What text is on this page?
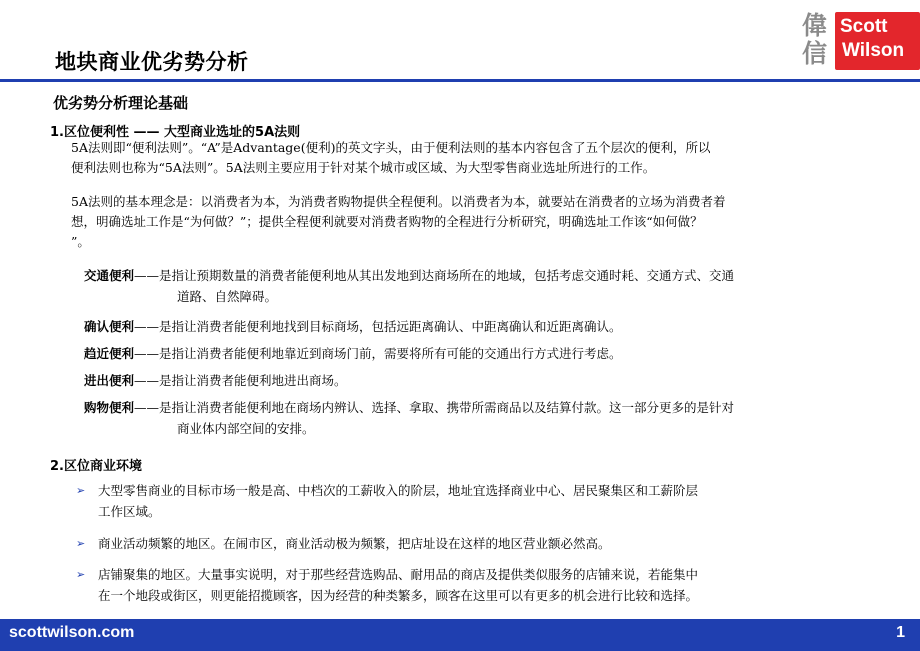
地块商业优劣势分析
偉
信
Scott
Wilson
优劣势分析理论基础
1.区位便利性 —— 大型商业选址的5A法则
5A法则即“便利法则”。“A”是Advantage(便利)的英文字头，由于便利法则的基本内容包含了五个层次的便利，所以
便利法则也称为“5A法则”。5A法则主要应用于针对某个城市或区域、为大型零售商业选址所进行的工作。
5A法则的基本理念是：以消费者为本，为消费者购物提供全程便利。以消费者为本，就要站在消费者的立场为消费者着
想，明确选址工作是“为何做？”；提供全程便利就要对消费者购物的全程进行分析研究，明确选址工作该“如何做？
”。
交通便利——是指让预期数量的消费者能便利地从其出发地到达商场所在的地域，包括考虑交通时耗、交通方式、交通
道路、自然障碍。
确认便利——是指让消费者能便利地找到目标商场，包括远距离确认、中距离确认和近距离确认。
趋近便利——是指让消费者能便利地靠近到商场门前，需要将所有可能的交通出行方式进行考虑。
进出便利——是指让消费者能便利地进出商场。
购物便利——是指让消费者能便利地在商场内辨认、选择、拿取、携带所需商品以及结算付款。这一部分更多的是针对
商业体内部空间的安排。
2.区位商业环境
➢	大型零售商业的目标市场一般是高、中档次的工薪收入的阶层，地址宜选择商业中心、居民聚集区和工薪阶层
工作区域。
➢	商业活动频繁的地区。在闹市区，商业活动极为频繁，把店址设在这样的地区营业额必然高。
➢	店铺聚集的地区。大量事实说明，对于那些经营选购品、耐用品的商店及提供类似服务的店铺来说，若能集中
在一个地段或街区，则更能招揽顾客，因为经营的种类繁多，顾客在这里可以有更多的机会进行比较和选择。
scottwilson.com	1
